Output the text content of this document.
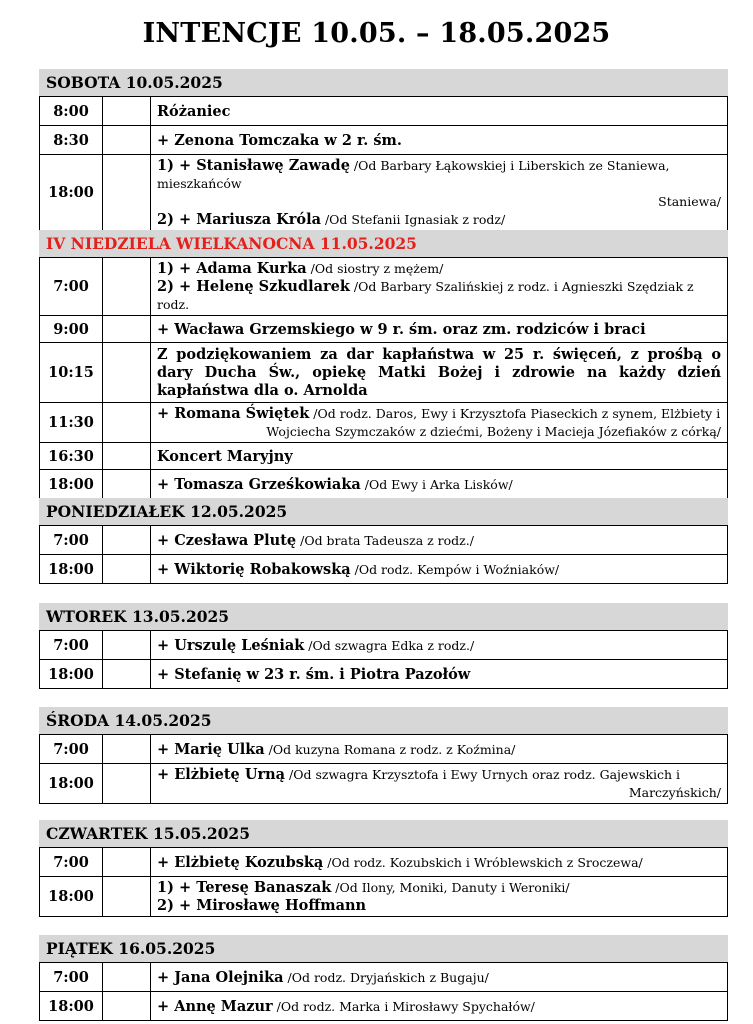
INTENCJE 10.05. – 18.05.2025
SOBOTA 10.05.2025
8:00		Różaniec
8:30		+ Zenona Tomczaka w 2 r. śm.
18:00		1) + Stanisławę Zawadę /Od Barbary Łąkowskiej i Liberskich ze Staniewa, mieszkańców
Staniewa/
2) + Mariusza Króla /Od Stefanii Ignasiak z rodz/
IV NIEDZIELA WIELKANOCNA 11.05.2025
7:00		1) + Adama Kurka /Od siostry z mężem/
2) + Helenę Szkudlarek /Od Barbary Szalińskiej z rodz. i Agnieszki Szędziak z rodz.

9:00		+ Wacława Grzemskiego w 9 r. śm. oraz zm. rodziców i braci
10:15		Z podziękowaniem za dar kapłaństwa w 25 r. święceń, z prośbą o dary Ducha Św., opiekę Matki Bożej i zdrowie na każdy dzień kapłaństwa dla o. Arnolda
11:30		+ Romana Świętek /Od rodz. Daros, Ewy i Krzysztofa Piaseckich z synem, Elżbiety i
Wojciecha Szymczaków z dziećmi, Bożeny i Macieja Józefiaków z córką/

16:30		Koncert Maryjny
18:00		+ Tomasza Grześkowiaka /Od Ewy i Arka Lisków/
PONIEDZIAŁEK 12.05.2025
7:00		+ Czesława Plutę /Od brata Tadeusza z rodz./
18:00		+ Wiktorię Robakowską /Od rodz. Kempów i Woźniaków/
WTOREK 13.05.2025
7:00		+ Urszulę Leśniak /Od szwagra Edka z rodz./
18:00		+ Stefanię w 23 r. śm. i Piotra Pazołów
ŚRODA 14.05.2025
7:00		+ Marię Ulka /Od kuzyna Romana z rodz. z Koźmina/
18:00		+ Elżbietę Urną /Od szwagra Krzysztofa i Ewy Urnych oraz rodz. Gajewskich i
Marczyńskich/
CZWARTEK 15.05.2025
7:00		+ Elżbietę Kozubską /Od rodz. Kozubskich i Wróblewskich z Sroczewa/
18:00		1) + Teresę Banaszak /Od Ilony, Moniki, Danuty i Weroniki/
2) + Mirosławę Hoffmann
PIĄTEK 16.05.2025
7:00		+ Jana Olejnika /Od rodz. Dryjańskich z Bugaju/
18:00		+ Annę Mazur /Od rodz. Marka i Mirosławy Spychałów/
